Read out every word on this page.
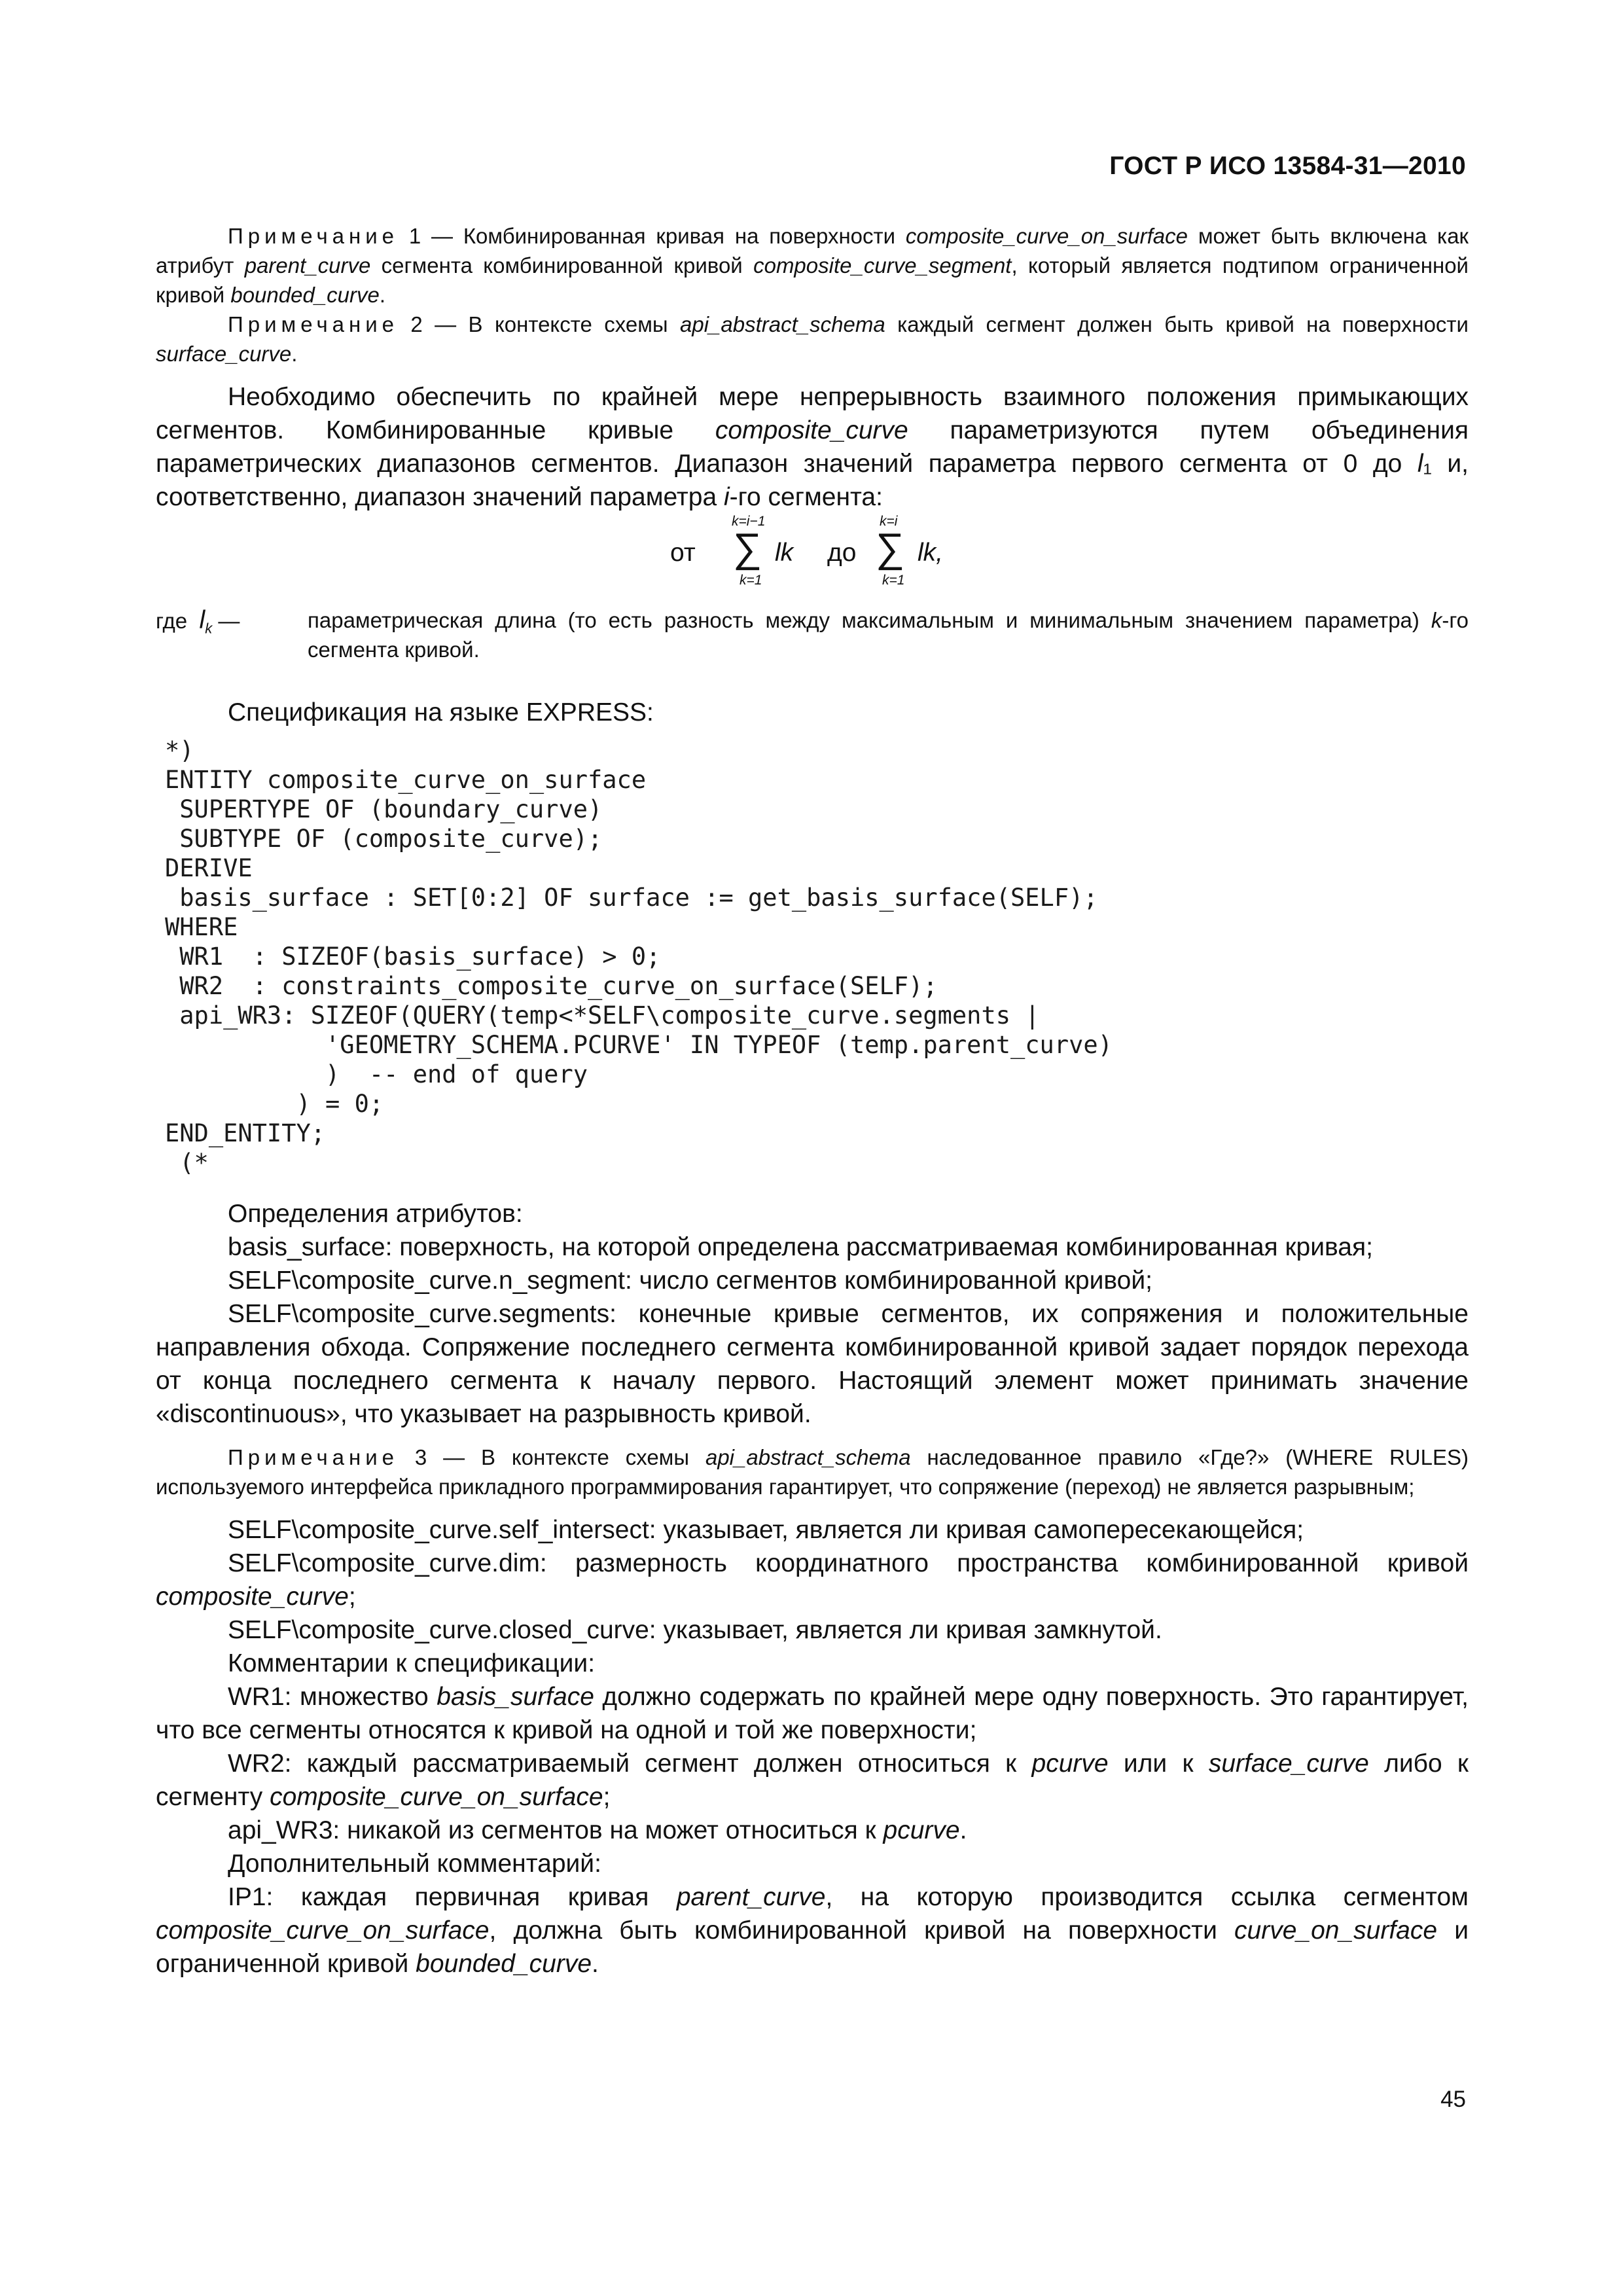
ГОСТ Р ИСО 13584-31—2010

Примечание 1 — Комбинированная кривая на поверхности composite_curve_on_surface может быть включена как атрибут parent_curve сегмента комбинированной кривой composite_curve_segment, который является подтипом ограниченной кривой bounded_curve.

Примечание 2 — В контексте схемы api_abstract_schema каждый сегмент должен быть кривой на поверхности surface_curve.

Необходимо обеспечить по крайней мере непрерывность взаимного положения примыкающих сегментов. Комбинированные кривые composite_curve параметризуются путем объединения параметрических диапазонов сегментов. Диапазон значений параметра первого сегмента от 0 до l₁ и, соответственно, диапазон значений параметра i-го сегмента:

от
k=i−1
∑
k=1
lk до
k=i
∑
k=1
lk,
где $l_k$ —	параметрическая длина (то есть разность между максимальным и минимальным значением параметра) k-го сегмента кривой.

Спецификация на языке EXPRESS:

*)
ENTITY composite_curve_on_surface
SUPERTYPE OF (boundary_curve)
SUBTYPE OF (composite_curve);
DERIVE
basis_surface : SET[0:2] OF surface := get_basis_surface(SELF);
WHERE
WR1  : SIZEOF(basis_surface) > 0;
WR2  : constraints_composite_curve_on_surface(SELF);
api_WR3: SIZEOF(QUERY(temp<*SELF\composite_curve.segments |
'GEOMETRY_SCHEMA.PCURVE' IN TYPEOF (temp.parent_curve)
)  -- end of query
) = 0;
END_ENTITY;
(*

Определения атрибутов:

basis_surface: поверхность, на которой определена рассматриваемая комбинированная кривая;

SELF\composite_curve.n_segment: число сегментов комбинированной кривой;

SELF\composite_curve.segments: конечные кривые сегментов, их сопряжения и положительные направления обхода. Сопряжение последнего сегмента комбинированной кривой задает порядок перехода от конца последнего сегмента к началу первого. Настоящий элемент может принимать значение «discontinuous», что указывает на разрывность кривой.

Примечание 3 — В контексте схемы api_abstract_schema наследованное правило «Где?» (WHERE RULES) используемого интерфейса прикладного программирования гарантирует, что сопряжение (переход) не является разрывным;

SELF\composite_curve.self_intersect: указывает, является ли кривая самопересекающейся;

SELF\composite_curve.dim: размерность координатного пространства комбинированной кривой composite_curve;

SELF\composite_curve.closed_curve: указывает, является ли кривая замкнутой.

Комментарии к спецификации:

WR1: множество basis_surface должно содержать по крайней мере одну поверхность. Это гарантирует, что все сегменты относятся к кривой на одной и той же поверхности;

WR2: каждый рассматриваемый сегмент должен относиться к pcurve или к surface_curve либо к сегменту composite_curve_on_surface;

api_WR3: никакой из сегментов на может относиться к pcurve.

Дополнительный комментарий:

IP1: каждая первичная кривая parent_curve, на которую производится ссылка сегментом composite_curve_on_surface, должна быть комбинированной кривой на поверхности curve_on_surface и ограниченной кривой bounded_curve.

45
